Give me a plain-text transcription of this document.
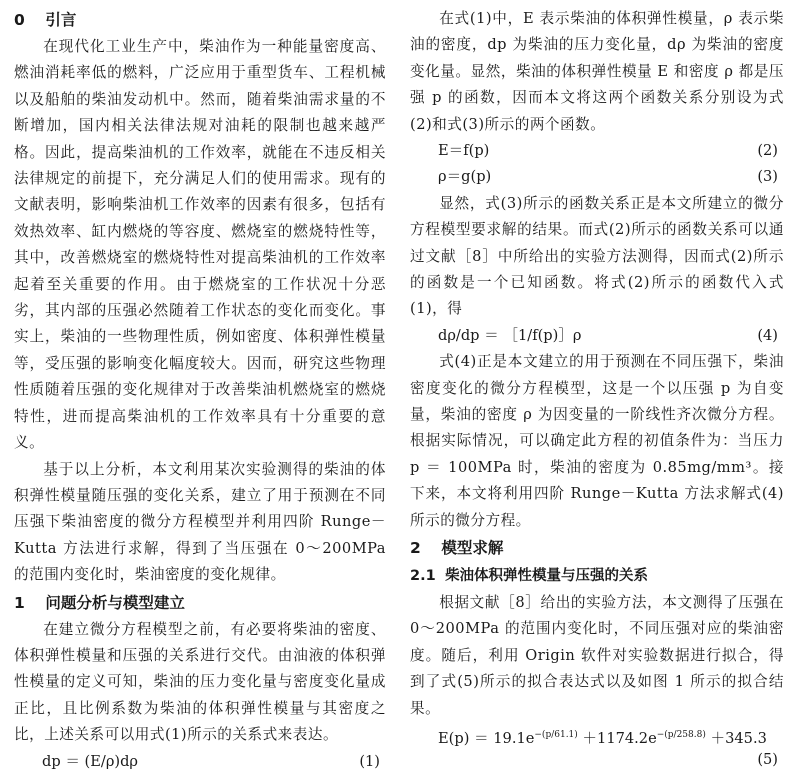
0 引言

在现代化工业生产中，柴油作为一种能量密度高、燃油消耗率低的燃料，广泛应用于重型货车、工程机械以及船舶的柴油发动机中。然而，随着柴油需求量的不断增加，国内相关法律法规对油耗的限制也越来越严格。因此，提高柴油机的工作效率，就能在不违反相关法律规定的前提下，充分满足人们的使用需求。现有的文献表明，影响柴油机工作效率的因素有很多，包括有效热效率、缸内燃烧的等容度、燃烧室的燃烧特性等，其中，改善燃烧室的燃烧特性对提高柴油机的工作效率起着至关重要的作用。由于燃烧室的工作状况十分恶劣，其内部的压强必然随着工作状态的变化而变化。事实上，柴油的一些物理性质，例如密度、体积弹性模量等，受压强的影响变化幅度较大。因而，研究这些物理性质随着压强的变化规律对于改善柴油机燃烧室的燃烧特性，进而提高柴油机的工作效率具有十分重要的意义。

基于以上分析，本文利用某次实验测得的柴油的体积弹性模量随压强的变化关系，建立了用于预测在不同压强下柴油密度的微分方程模型并利用四阶 Runge－Kutta 方法进行求解，得到了当压强在 0～200MPa 的范围内变化时，柴油密度的变化规律。

1 问题分析与模型建立

在建立微分方程模型之前，有必要将柴油的密度、体积弹性模量和压强的关系进行交代。由油液的体积弹性模量的定义可知，柴油的压力变化量与密度变化量成正比，且比例系数为柴油的体积弹性模量与其密度之比，上述关系可以用式(1)所示的关系式来表达。

dp ＝ (E/ρ)dρ	(1)

在式(1)中，E 表示柴油的体积弹性模量，ρ 表示柴油的密度，dp 为柴油的压力变化量，dρ 为柴油的密度变化量。显然，柴油的体积弹性模量 E 和密度 ρ 都是压强 p 的函数，因而本文将这两个函数关系分别设为式(2)和式(3)所示的两个函数。

E＝f(p)	(2)
ρ＝g(p)	(3)

显然，式(3)所示的函数关系正是本文所建立的微分方程模型要求解的结果。而式(2)所示的函数关系可以通过文献［8］中所给出的实验方法测得，因而式(2)所示的函数是一个已知函数。将式(2)所示的函数代入式(1)，得

dρ/dp ＝ ［1/f(p)］ρ	(4)

式(4)正是本文建立的用于预测在不同压强下，柴油密度变化的微分方程模型，这是一个以压强 p 为自变量，柴油的密度 ρ 为因变量的一阶线性齐次微分方程。根据实际情况，可以确定此方程的初值条件为：当压力 p ＝ 100MPa 时，柴油的密度为 0.85mg/mm³。接下来，本文将利用四阶 Runge－Kutta 方法求解式(4)所示的微分方程。

2 模型求解
2.1 柴油体积弹性模量与压强的关系

根据文献［8］给出的实验方法，本文测得了压强在 0～200MPa 的范围内变化时，不同压强对应的柴油密度。随后，利用 Origin 软件对实验数据进行拟合，得到了式(5)所示的拟合表达式以及如图 1 所示的拟合结果。

$E(p) = 19.1e^{-(p/61.1)} +1174.2e^{-(p/258.8)} +345.3$
(5)
